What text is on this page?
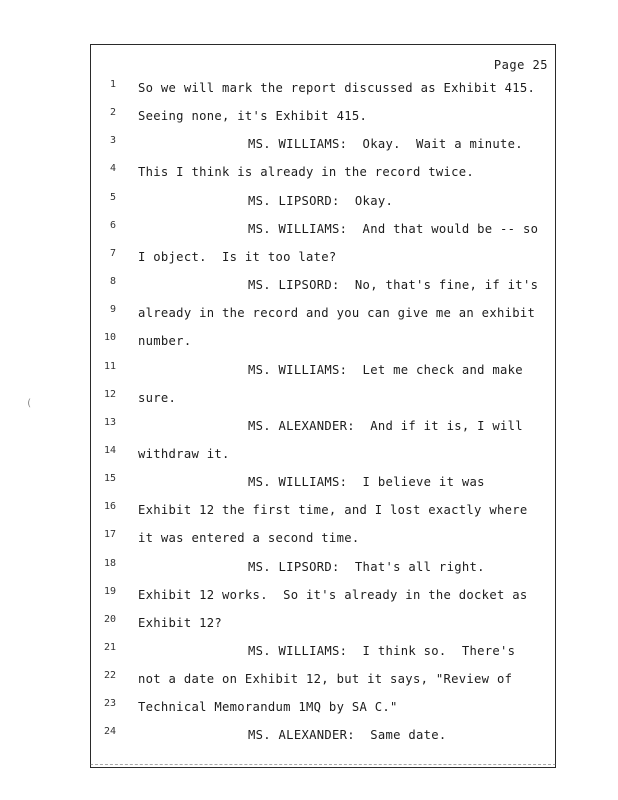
Page 25
1 So we will mark the report discussed as Exhibit 415.
2 Seeing none, it's Exhibit 415.
3	MS. WILLIAMS:  Okay.  Wait a minute.
4 This I think is already in the record twice.
5	MS. LIPSORD:  Okay.
6	MS. WILLIAMS:  And that would be -- so
7 I object.  Is it too late?
8	MS. LIPSORD:  No, that's fine, if it's
9 already in the record and you can give me an exhibit
10 number.
11	MS. WILLIAMS:  Let me check and make
12 sure.
13	MS. ALEXANDER:  And if it is, I will
14 withdraw it.
15	MS. WILLIAMS:  I believe it was
16 Exhibit 12 the first time, and I lost exactly where
17 it was entered a second time.
18	MS. LIPSORD:  That's all right.
19 Exhibit 12 works.  So it's already in the docket as
20 Exhibit 12?
21	MS. WILLIAMS:  I think so.  There's
22 not a date on Exhibit 12, but it says, "Review of
23 Technical Memorandum 1MQ by SA C."
24	MS. ALEXANDER:  Same date.
(
